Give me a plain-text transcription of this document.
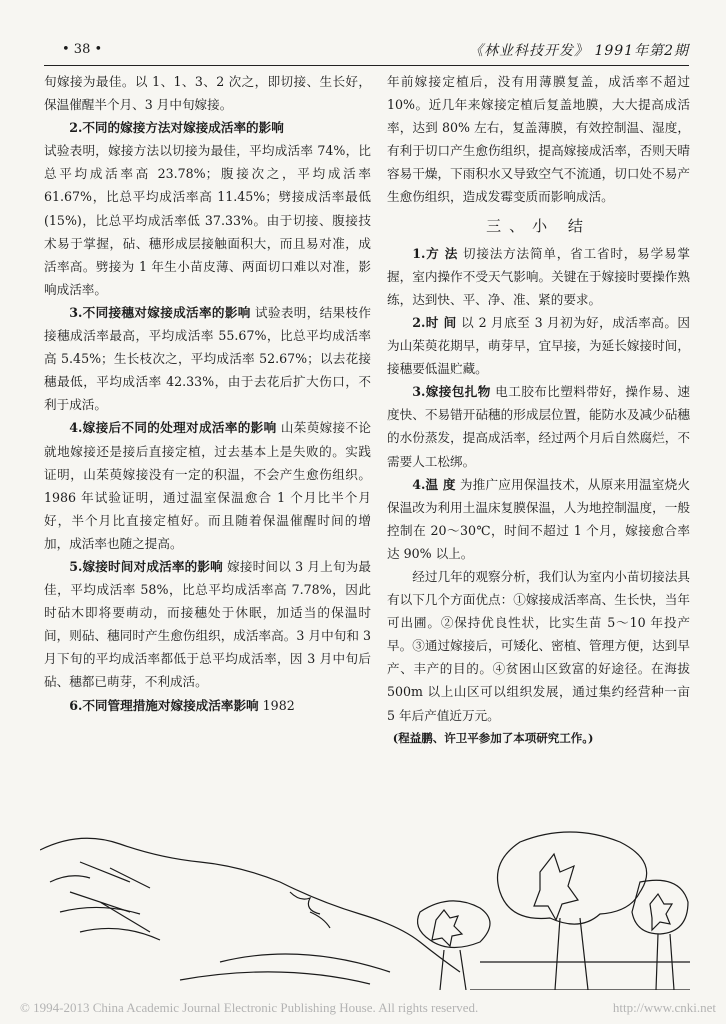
• 38 •	《林业科技开发》 1991年第2期

旬嫁接为最佳。以 1、1、3、2 次之，即切接、生长好，保温催醒半个月、3 月中旬嫁接。

2.不同的嫁接方法对嫁接成活率的影响

试验表明，嫁接方法以切接为最佳，平均成活率 74%，比总平均成活率高 23.78%；腹接次之，平均成活率 61.67%，比总平均成活率高 11.45%；劈接成活率最低(15%)，比总平均成活率低 37.33%。由于切接、腹接技术易于掌握，砧、穗形成层接触面积大，而且易对准，成活率高。劈接为 1 年生小苗皮薄、两面切口难以对准，影响成活率。

3.不同接穗对嫁接成活率的影响 试验表明，结果枝作接穗成活率最高，平均成活率 55.67%，比总平均成活率高 5.45%；生长枝次之，平均成活率 52.67%；以去花接穗最低，平均成活率 42.33%，由于去花后扩大伤口，不利于成活。

4.嫁接后不同的处理对成活率的影响 山茱萸嫁接不论就地嫁接还是接后直接定植，过去基本上是失败的。实践证明，山茱萸嫁接没有一定的积温，不会产生愈伤组织。1986 年试验证明，通过温室保温愈合 1 个月比半个月好，半个月比直接定植好。而且随着保温催醒时间的增加，成活率也随之提高。

5.嫁接时间对成活率的影响 嫁接时间以 3 月上旬为最佳，平均成活率 58%，比总平均成活率高 7.78%，因此时砧木即将要萌动，而接穗处于休眠，加适当的保温时间，则砧、穗同时产生愈伤组织，成活率高。3 月中旬和 3 月下旬的平均成活率都低于总平均成活率，因 3 月中旬后砧、穗都已萌芽，不利成活。

6.不同管理措施对嫁接成活率影响 1982

年前嫁接定植后，没有用薄膜复盖，成活率不超过 10%。近几年来嫁接定植后复盖地膜，大大提高成活率，达到 80% 左右，复盖薄膜，有效控制温、湿度，有利于切口产生愈伤组织，提高嫁接成活率，否则天晴容易干燥，下雨积水又导致空气不流通，切口处不易产生愈伤组织，造成发霉变质而影响成活。

三、小 结

1.方 法 切接法方法简单，省工省时，易学易掌握，室内操作不受天气影响。关键在于嫁接时要操作熟练，达到快、平、净、准、紧的要求。

2.时 间 以 2 月底至 3 月初为好，成活率高。因为山茱萸花期早，萌芽早，宜早接，为延长嫁接时间，接穗要低温贮藏。

3.嫁接包扎物 电工胶布比塑料带好，操作易、速度快、不易错开砧穗的形成层位置，能防水及减少砧穗的水份蒸发，提高成活率，经过两个月后自然腐烂，不需要人工松绑。

4.温 度 为推广应用保温技术，从原来用温室烧火保温改为利用土温床复膜保温，人为地控制温度，一般控制在 20～30℃，时间不超过 1 个月，嫁接愈合率达 90% 以上。

经过几年的观察分析，我们认为室内小苗切接法具有以下几个方面优点：①嫁接成活率高、生长快，当年可出圃。②保持优良性状，比实生苗 5～10 年投产早。③通过嫁接后，可矮化、密植、管理方便，达到早产、丰产的目的。④贫困山区致富的好途径。在海拔 500m 以上山区可以组织发展，通过集约经营种一亩 5 年后产值近万元。

(程益鹏、许卫平参加了本项研究工作。)

© 1994-2013 China Academic Journal Electronic Publishing House. All rights reserved.	http://www.cnki.net
